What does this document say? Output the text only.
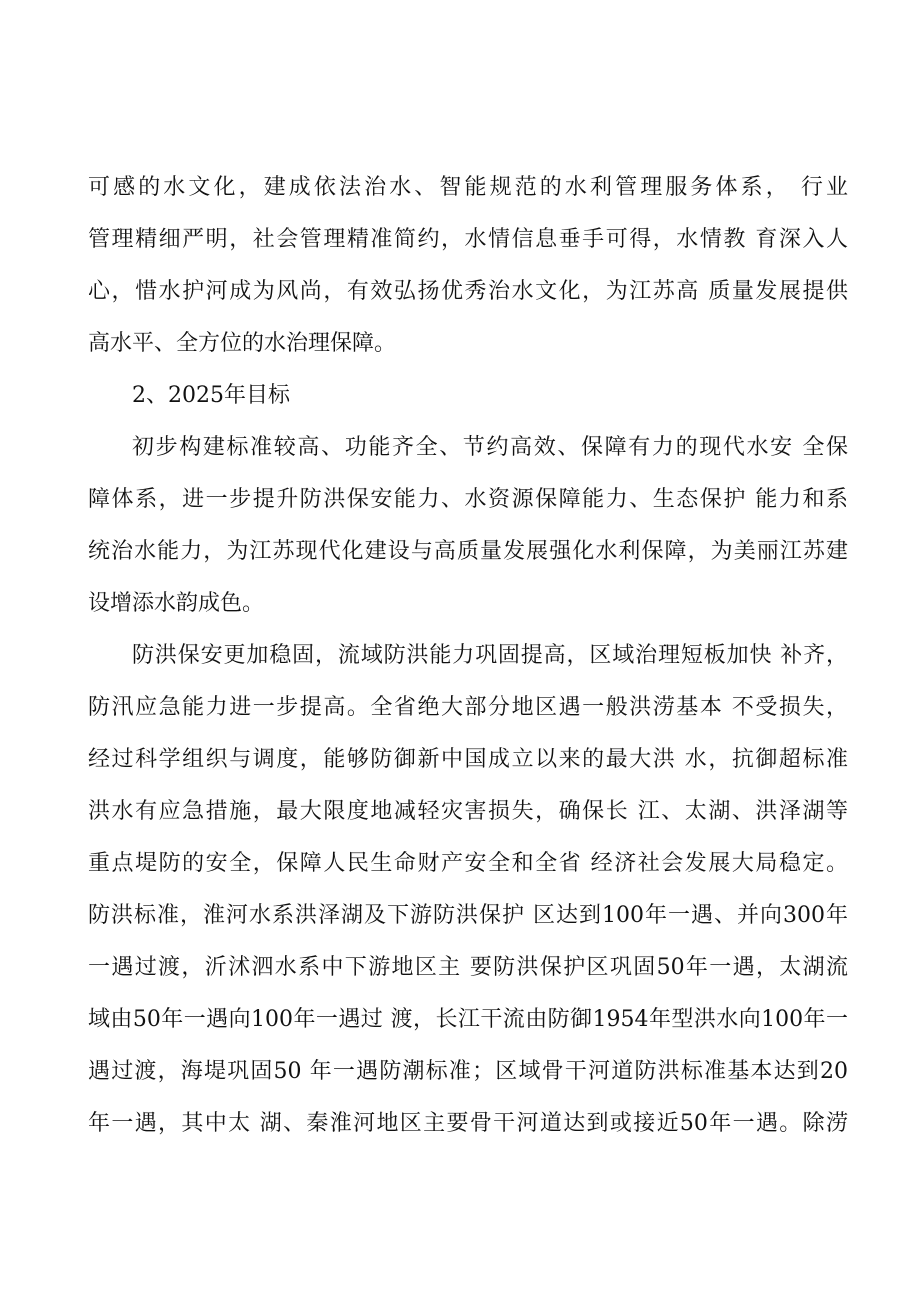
可感的水文化，建成依法治水、智能规范的水利管理服务体系， 行业
管理精细严明，社会管理精准简约，水情信息垂手可得，水情教 育深入人
心，惜水护河成为风尚，有效弘扬优秀治水文化，为江苏高 质量发展提供
高水平、全方位的水治理保障。
2、2025年目标
初步构建标准较高、功能齐全、节约高效、保障有力的现代水安 全保
障体系，进一步提升防洪保安能力、水资源保障能力、生态保护 能力和系
统治水能力，为江苏现代化建设与高质量发展强化水利保障，为美丽江苏建
设增添水韵成色。
防洪保安更加稳固，流域防洪能力巩固提高，区域治理短板加快 补齐，
防汛应急能力进一步提高。全省绝大部分地区遇一般洪涝基本 不受损失，
经过科学组织与调度，能够防御新中国成立以来的最大洪 水，抗御超标准
洪水有应急措施，最大限度地减轻灾害损失，确保长 江、太湖、洪泽湖等
重点堤防的安全，保障人民生命财产安全和全省 经济社会发展大局稳定。
防洪标准，淮河水系洪泽湖及下游防洪保护 区达到100年一遇、并向300年
一遇过渡，沂沭泗水系中下游地区主 要防洪保护区巩固50年一遇，太湖流
域由50年一遇向100年一遇过 渡，长江干流由防御1954年型洪水向100年一
遇过渡，海堤巩固50 年一遇防潮标准；区域骨干河道防洪标准基本达到20
年一遇，其中太 湖、秦淮河地区主要骨干河道达到或接近50年一遇。除涝
